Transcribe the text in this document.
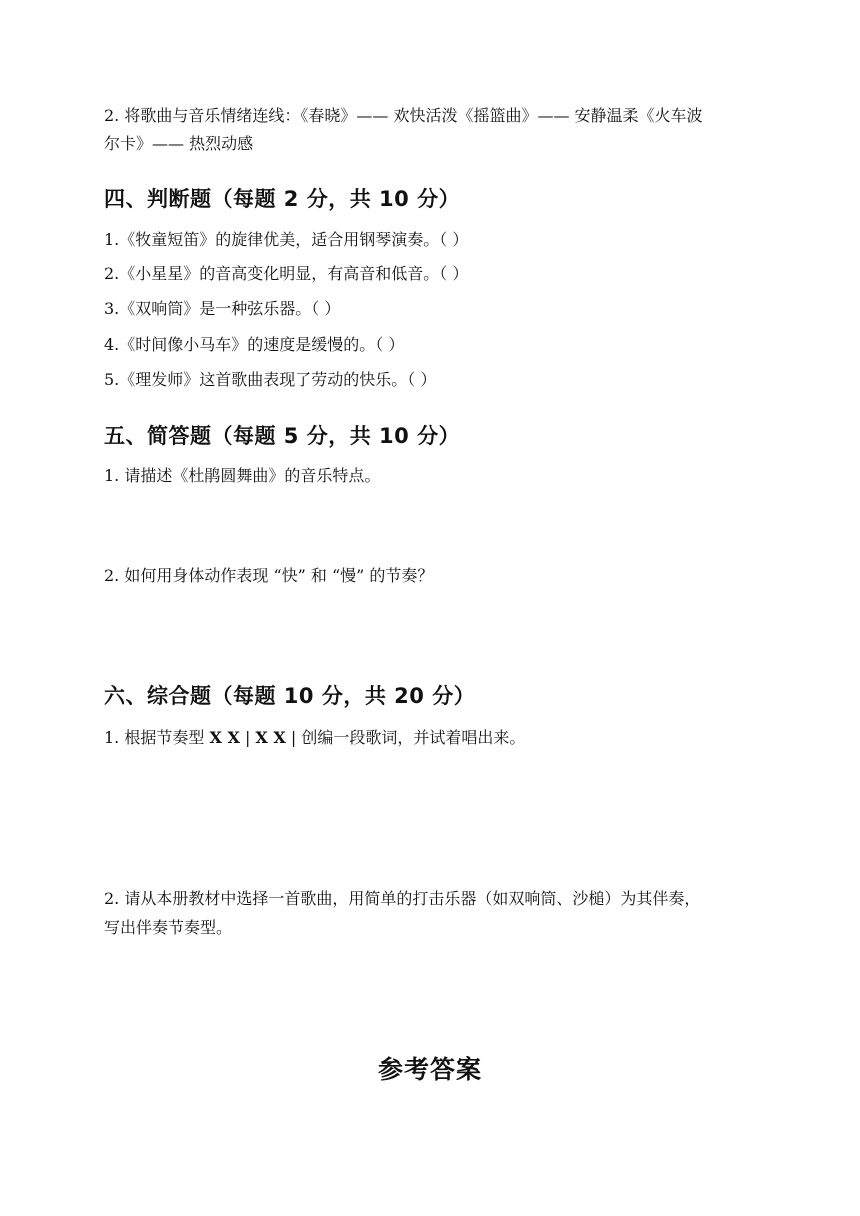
2. 将歌曲与音乐情绪连线：《春晓》—— 欢快活泼《摇篮曲》—— 安静温柔《火车波
尔卡》—— 热烈动感
四、判断题（每题 2 分，共 10 分）
1.《牧童短笛》的旋律优美，适合用钢琴演奏。（ ）
2.《小星星》的音高变化明显，有高音和低音。（ ）
3.《双响筒》是一种弦乐器。（ ）
4.《时间像小马车》的速度是缓慢的。（ ）
5.《理发师》这首歌曲表现了劳动的快乐。（ ）
五、简答题（每题 5 分，共 10 分）
1. 请描述《杜鹃圆舞曲》的音乐特点。
2. 如何用身体动作表现 “快” 和 “慢” 的节奏？
六、综合题（每题 10 分，共 20 分）
1. 根据节奏型 X X | X X | 创编一段歌词，并试着唱出来。
2. 请从本册教材中选择一首歌曲，用简单的打击乐器（如双响筒、沙槌）为其伴奏，
写出伴奏节奏型。
参考答案
